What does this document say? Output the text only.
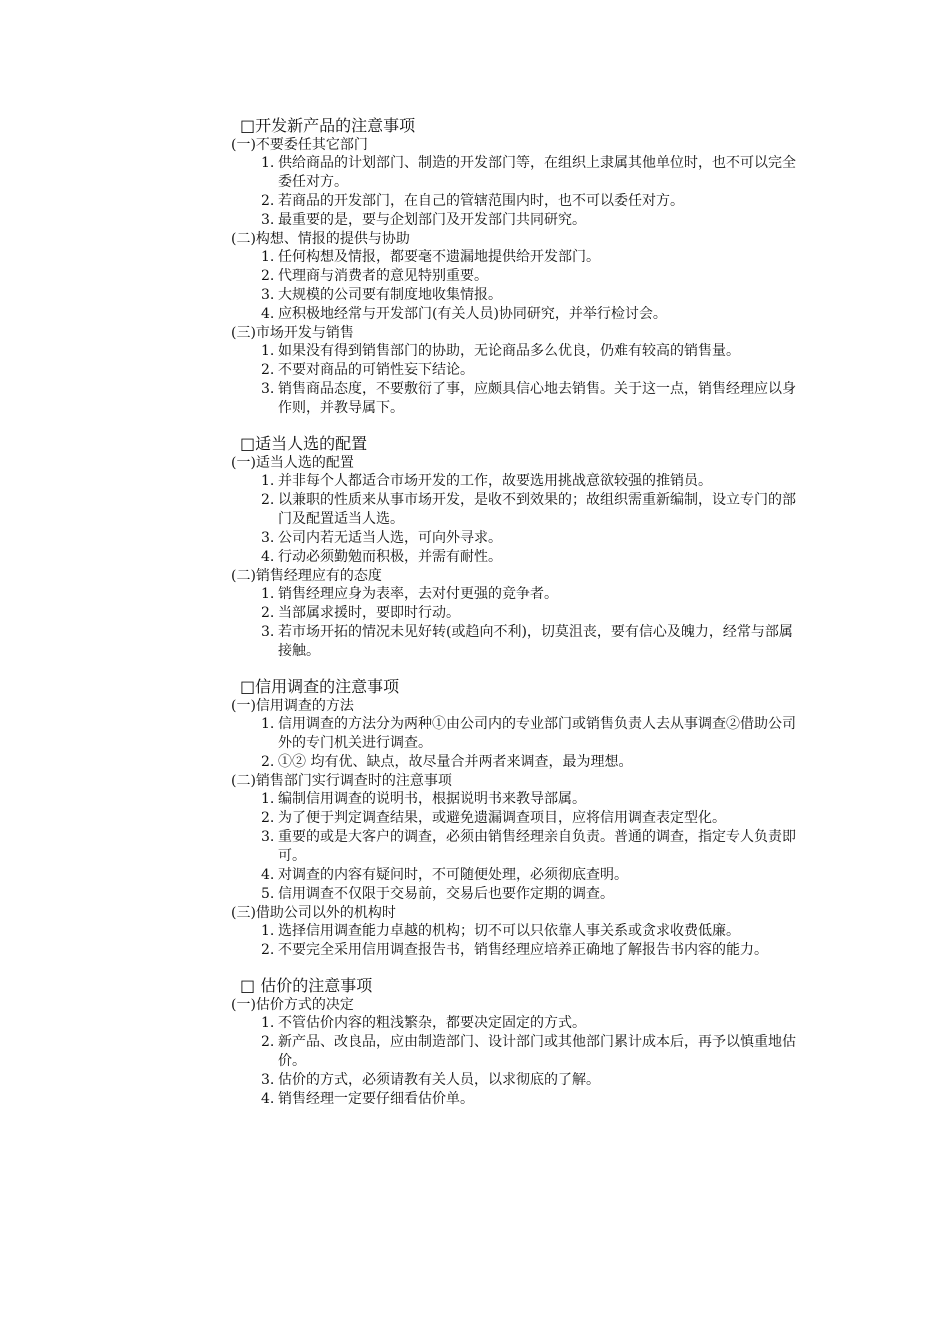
□开发新产品的注意事项
(一)不要委任其它部门
1. 供给商品的计划部门、制造的开发部门等，在组织上隶属其他单位时，也不可以完全委任对方。
2. 若商品的开发部门，在自己的管辖范围内时，也不可以委任对方。
3. 最重要的是，要与企划部门及开发部门共同研究。
(二)构想、情报的提供与协助
1. 任何构想及情报，都要毫不遗漏地提供给开发部门。
2. 代理商与消费者的意见特别重要。
3. 大规模的公司要有制度地收集情报。
4. 应积极地经常与开发部门(有关人员)协同研究，并举行检讨会。
(三)市场开发与销售
1. 如果没有得到销售部门的协助，无论商品多么优良，仍难有较高的销售量。
2. 不要对商品的可销性妄下结论。
3. 销售商品态度，不要敷衍了事，应颇具信心地去销售。关于这一点，销售经理应以身作则，并教导属下。
□适当人选的配置
(一)适当人选的配置
1. 并非每个人都适合市场开发的工作，故要选用挑战意欲较强的推销员。
2. 以兼职的性质来从事市场开发，是收不到效果的；故组织需重新编制，设立专门的部门及配置适当人选。
3. 公司内若无适当人选，可向外寻求。
4. 行动必须勤勉而积极，并需有耐性。
(二)销售经理应有的态度
1. 销售经理应身为表率，去对付更强的竞争者。
2. 当部属求援时，要即时行动。
3. 若市场开拓的情况未见好转(或趋向不利)，切莫沮丧，要有信心及魄力，经常与部属接触。
□信用调查的注意事项
(一)信用调查的方法
1. 信用调查的方法分为两种①由公司内的专业部门或销售负责人去从事调查②借助公司外的专门机关进行调查。
2. ①② 均有优、缺点，故尽量合并两者来调查，最为理想。
(二)销售部门实行调查时的注意事项
1. 编制信用调查的说明书，根据说明书来教导部属。
2. 为了便于判定调查结果，或避免遗漏调查项目，应将信用调查表定型化。
3. 重要的或是大客户的调查，必须由销售经理亲自负责。普通的调查，指定专人负责即可。
4. 对调查的内容有疑问时，不可随便处理，必须彻底查明。
5. 信用调查不仅限于交易前，交易后也要作定期的调查。
(三)借助公司以外的机构时
1. 选择信用调查能力卓越的机构；切不可以只依靠人事关系或贪求收费低廉。
2. 不要完全采用信用调查报告书，销售经理应培养正确地了解报告书内容的能力。
□ 估价的注意事项
(一)估价方式的决定
1. 不管估价内容的粗浅繁杂，都要决定固定的方式。
2. 新产品、改良品，应由制造部门、设计部门或其他部门累计成本后，再予以慎重地估价。
3. 估价的方式，必须请教有关人员，以求彻底的了解。
4. 销售经理一定要仔细看估价单。
